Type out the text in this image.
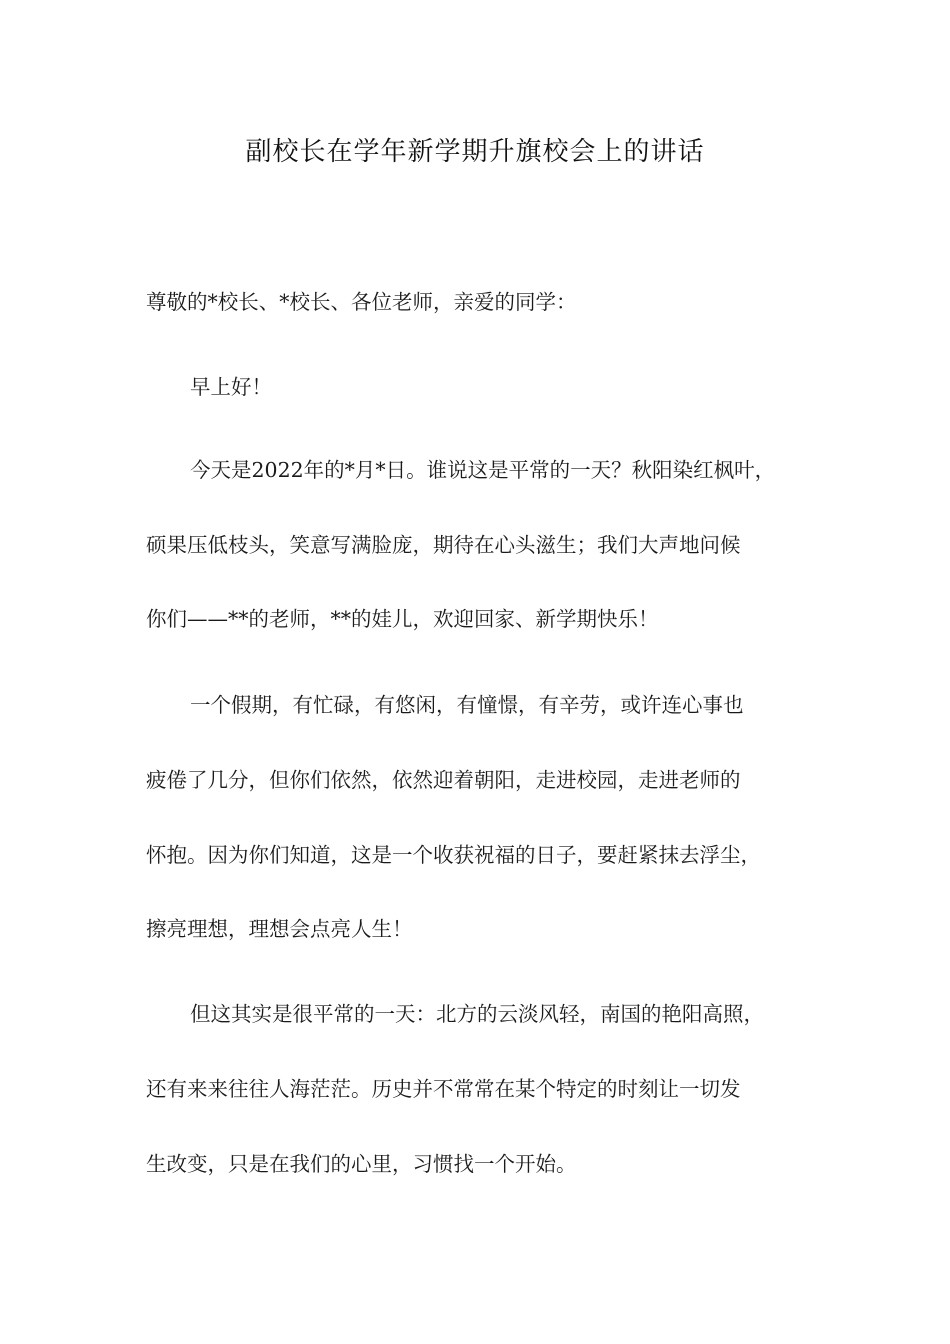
副校长在学年新学期升旗校会上的讲话
尊敬的*校长、*校长、各位老师，亲爱的同学：
早上好！
今天是2022年的*月*日。谁说这是平常的一天？秋阳染红枫叶，
硕果压低枝头，笑意写满脸庞，期待在心头滋生；我们大声地问候
你们——**的老师，**的娃儿，欢迎回家、新学期快乐！
一个假期，有忙碌，有悠闲，有憧憬，有辛劳，或许连心事也
疲倦了几分，但你们依然，依然迎着朝阳，走进校园，走进老师的
怀抱。因为你们知道，这是一个收获祝福的日子，要赶紧抹去浮尘，
擦亮理想，理想会点亮人生！
但这其实是很平常的一天：北方的云淡风轻，南国的艳阳高照，
还有来来往往人海茫茫。历史并不常常在某个特定的时刻让一切发
生改变，只是在我们的心里，习惯找一个开始。
